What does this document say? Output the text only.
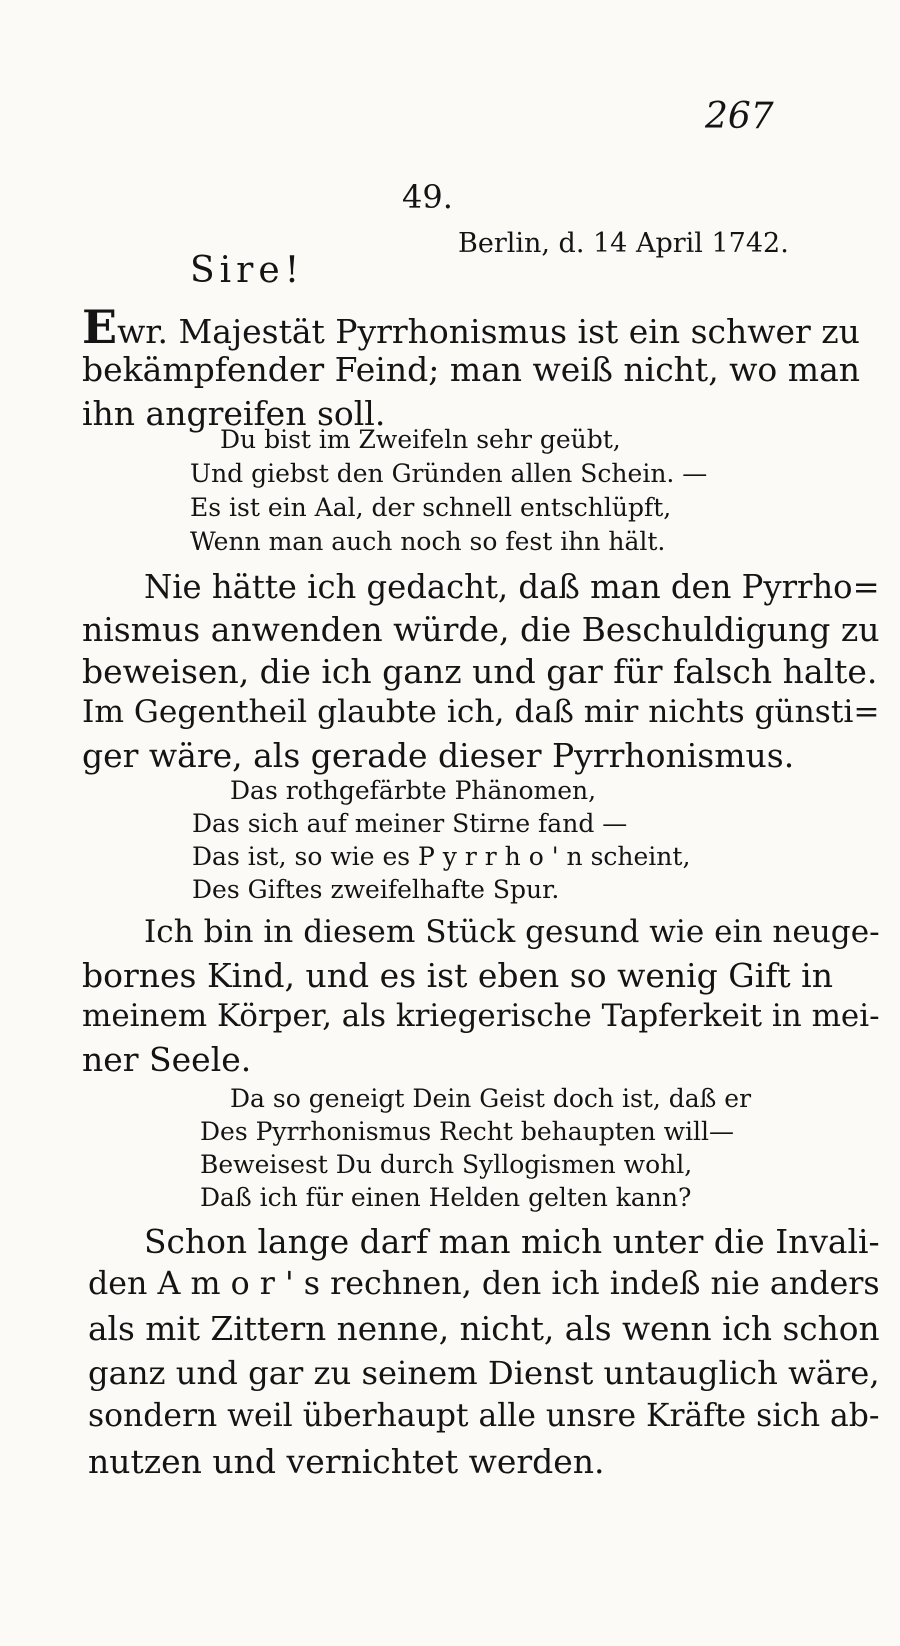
267
49.
Berlin, d. 14 April 1742.
Sire!
Ewr. Majestät Pyrrhonismus ist ein schwer zu
bekämpfender Feind; man weiß nicht, wo man
ihn angreifen soll.
Du bist im Zweifeln sehr geübt,
Und giebst den Gründen allen Schein. —
Es ist ein Aal, der schnell entschlüpft,
Wenn man auch noch so fest ihn hält.
Nie hätte ich gedacht, daß man den Pyrrho=
nismus anwenden würde, die Beschuldigung zu
beweisen, die ich ganz und gar für falsch halte.
Im Gegentheil glaubte ich, daß mir nichts günsti=
ger wäre, als gerade dieser Pyrrhonismus.
Das rothgefärbte Phänomen,
Das sich auf meiner Stirne fand —
Das ist, so wie es P y r r h o ' n scheint,
Des Giftes zweifelhafte Spur.
Ich bin in diesem Stück gesund wie ein neuge-
bornes Kind, und es ist eben so wenig Gift in
meinem Körper, als kriegerische Tapferkeit in mei-
ner Seele.
Da so geneigt Dein Geist doch ist, daß er
Des Pyrrhonismus Recht behaupten will—
Beweisest Du durch Syllogismen wohl,
Daß ich für einen Helden gelten kann?
Schon lange darf man mich unter die Invali-
den A m o r ' s rechnen, den ich indeß nie anders
als mit Zittern nenne, nicht, als wenn ich schon
ganz und gar zu seinem Dienst untauglich wäre,
sondern weil überhaupt alle unsre Kräfte sich ab-
nutzen und vernichtet werden.
